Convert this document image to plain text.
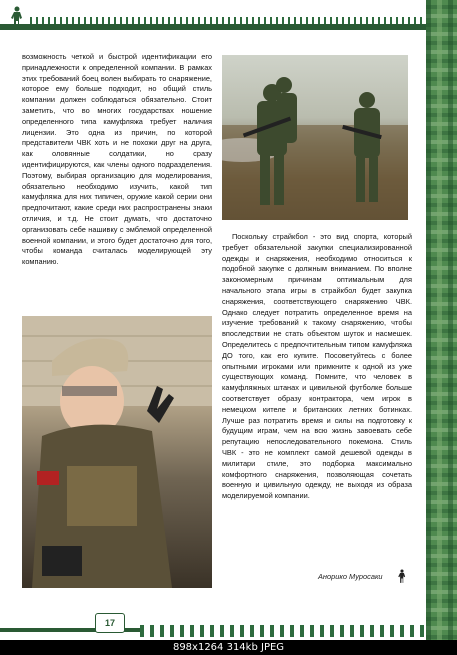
возможность четкой и быстрой идентификации его принадлежности к определенной компании. В рамках этих требований боец волен выбирать то снаряжение, которое ему больше подходит, но общий стиль компании должен соблюдаться обязательно. Стоит заметить, что во многих государствах ношение определенного типа камуфляжа требует наличия лицензии. Это одна из причин, по которой представители ЧВК хоть и не похожи друг на друга, как оловянные солдатики, но сразу идентифицируются, как члены одного подразделения. Поэтому, выбирая организацию для моделирования, обязательно необходимо изучить, какой тип камуфляжа для них типичен, оружие какой серии они предпочитают, какие среди них распространены знаки отличия, и т.д. Не стоит думать, что достаточно организовать себе нашивку с эмблемой определенной военной компании, и этого будет достаточно для того, чтобы команда считалась моделирующей эту компанию.

Поскольку страйкбол - это вид спорта, который требует обязательной закупки специализированной одежды и снаряжения, необходимо относиться к подобной закупке с должным вниманием. По вполне закономерным причинам оптимальным для начального этапа игры в страйкбол будет закупка снаряжения, соответствующего снаряжению ЧВК. Однако следует потратить определенное время на изучение требований к такому снаряжению, чтобы впоследствии не стать объектом шуток и насмешек. Определитесь с предпочтительным типом камуфляжа ДО того, как его купите. Посоветуйтесь с более опытными игроками или примкните к одной из уже существующих команд. Помните, что человек в камуфляжных штанах и цивильной футболке больше соответствует образу контрактора, чем игрок в немецком кителе и британских летних ботинках. Лучше раз потратить время и силы на подготовку к будущим играм, чем на всю жизнь завоевать себе репутацию непоследовательного покемона. Стиль ЧВК - это не комплект самой дешевой одежды в милитари стиле, это подборка максимально комфортного снаряжения, позволяющая сочетать военную и цивильную одежду, не выходя из образа моделируемой компании.

Анорико Муросаки
17
898x1264 314kb JPEG
